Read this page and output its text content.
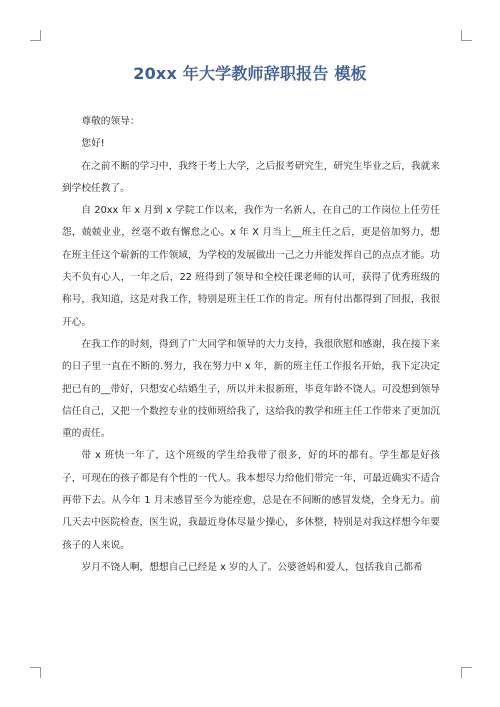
20xx 年大学教师辞职报告 模板

尊敬的领导：

您好!

在之前不断的学习中，我终于考上大学，之后报考研究生，研究生毕业之后，我就来到学校任教了。

自 20xx 年 x 月到 x 学院工作以来，我作为一名新人，在自己的工作岗位上任劳任怨，兢兢业业，丝毫不敢有懈怠之心。x 年 X 月当上__班主任之后，更是倍加努力，想在班主任这个崭新的工作领域，为学校的发展做出一己之力并能发挥自己的点点才能。功夫不负有心人，一年之后，22 班得到了领导和全校任课老师的认可，获得了优秀班级的称号，我知道，这是对我工作，特别是班主任工作的肯定。所有付出都得到了回报，我很开心。

在我工作的时刻，得到了广大同学和领导的大力支持，我很欣慰和感谢，我在接下来的日子里一直在不断的.努力，我在努力中 x 年，新的班主任工作报名开始，我下定决定把已有的__带好，只想安心结婚生子，所以并未报新班，毕竟年龄不饶人。可没想到领导信任自己，又把一个数控专业的技师班给我了，这给我的教学和班主任工作带来了更加沉重的责任。

带 x 班快一年了，这个班级的学生给我带了很多，好的坏的都有。学生都是好孩子，可现在的孩子都是有个性的一代人。我本想尽力给他们带完一年，可最近确实不适合再带下去。从今年 1 月末感冒至今为能痊愈，总是在不间断的感冒发烧，全身无力。前几天去中医院检查，医生说，我最近身体尽量少操心，多休整，特别是对我这样想今年要孩子的人来说。

岁月不饶人啊，想想自己已经是 x 岁的人了。公婆爸妈和爱人，包括我自己都希
